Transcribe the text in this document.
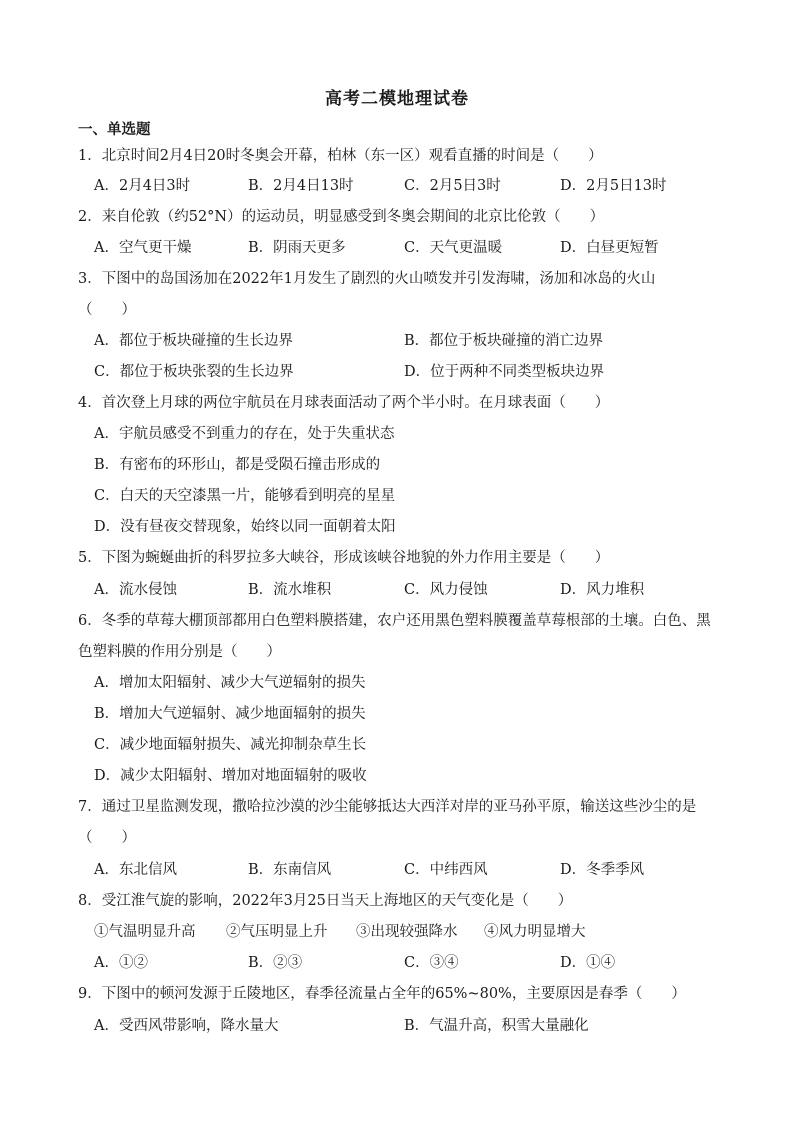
高考二模地理试卷
一、单选题
1．北京时间2月4日20时冬奥会开幕，柏林（东一区）观看直播的时间是（　　）
A．2月4日3时	B．2月4日13时	C．2月5日3时	D．2月5日13时
2．来自伦敦（约52°N）的运动员，明显感受到冬奥会期间的北京比伦敦（　　）
A．空气更干燥	B．阴雨天更多	C．天气更温暖	D．白昼更短暂
3．下图中的岛国汤加在2022年1月发生了剧烈的火山喷发并引发海啸，汤加和冰岛的火山
（　　）
A．都位于板块碰撞的生长边界	B．都位于板块碰撞的消亡边界
C．都位于板块张裂的生长边界	D．位于两种不同类型板块边界
4．首次登上月球的两位宇航员在月球表面活动了两个半小时。在月球表面（　　）
A．宇航员感受不到重力的存在，处于失重状态
B．有密布的环形山，都是受陨石撞击形成的
C．白天的天空漆黑一片，能够看到明亮的星星
D．没有昼夜交替现象，始终以同一面朝着太阳
5．下图为蜿蜒曲折的科罗拉多大峡谷，形成该峡谷地貌的外力作用主要是（　　）
A．流水侵蚀	B．流水堆积	C．风力侵蚀	D．风力堆积
6．冬季的草莓大棚顶部都用白色塑料膜搭建，农户还用黑色塑料膜覆盖草莓根部的土壤。白色、黑
色塑料膜的作用分别是（　　）
A．增加太阳辐射、减少大气逆辐射的损失
B．增加大气逆辐射、减少地面辐射的损失
C．减少地面辐射损失、减光抑制杂草生长
D．减少太阳辐射、增加对地面辐射的吸收
7．通过卫星监测发现，撒哈拉沙漠的沙尘能够抵达大西洋对岸的亚马孙平原，输送这些沙尘的是
（　　）
A．东北信风	B．东南信风	C．中纬西风	D．冬季季风
8．受江淮气旋的影响，2022年3月25日当天上海地区的天气变化是（　　）
①气温明显升高 ②气压明显上升 ③出现较强降水 ④风力明显增大
A．①②	B．②③	C．③④	D．①④
9．下图中的顿河发源于丘陵地区，春季径流量占全年的65%~80%，主要原因是春季（　　）
A．受西风带影响，降水量大	B．气温升高，积雪大量融化
